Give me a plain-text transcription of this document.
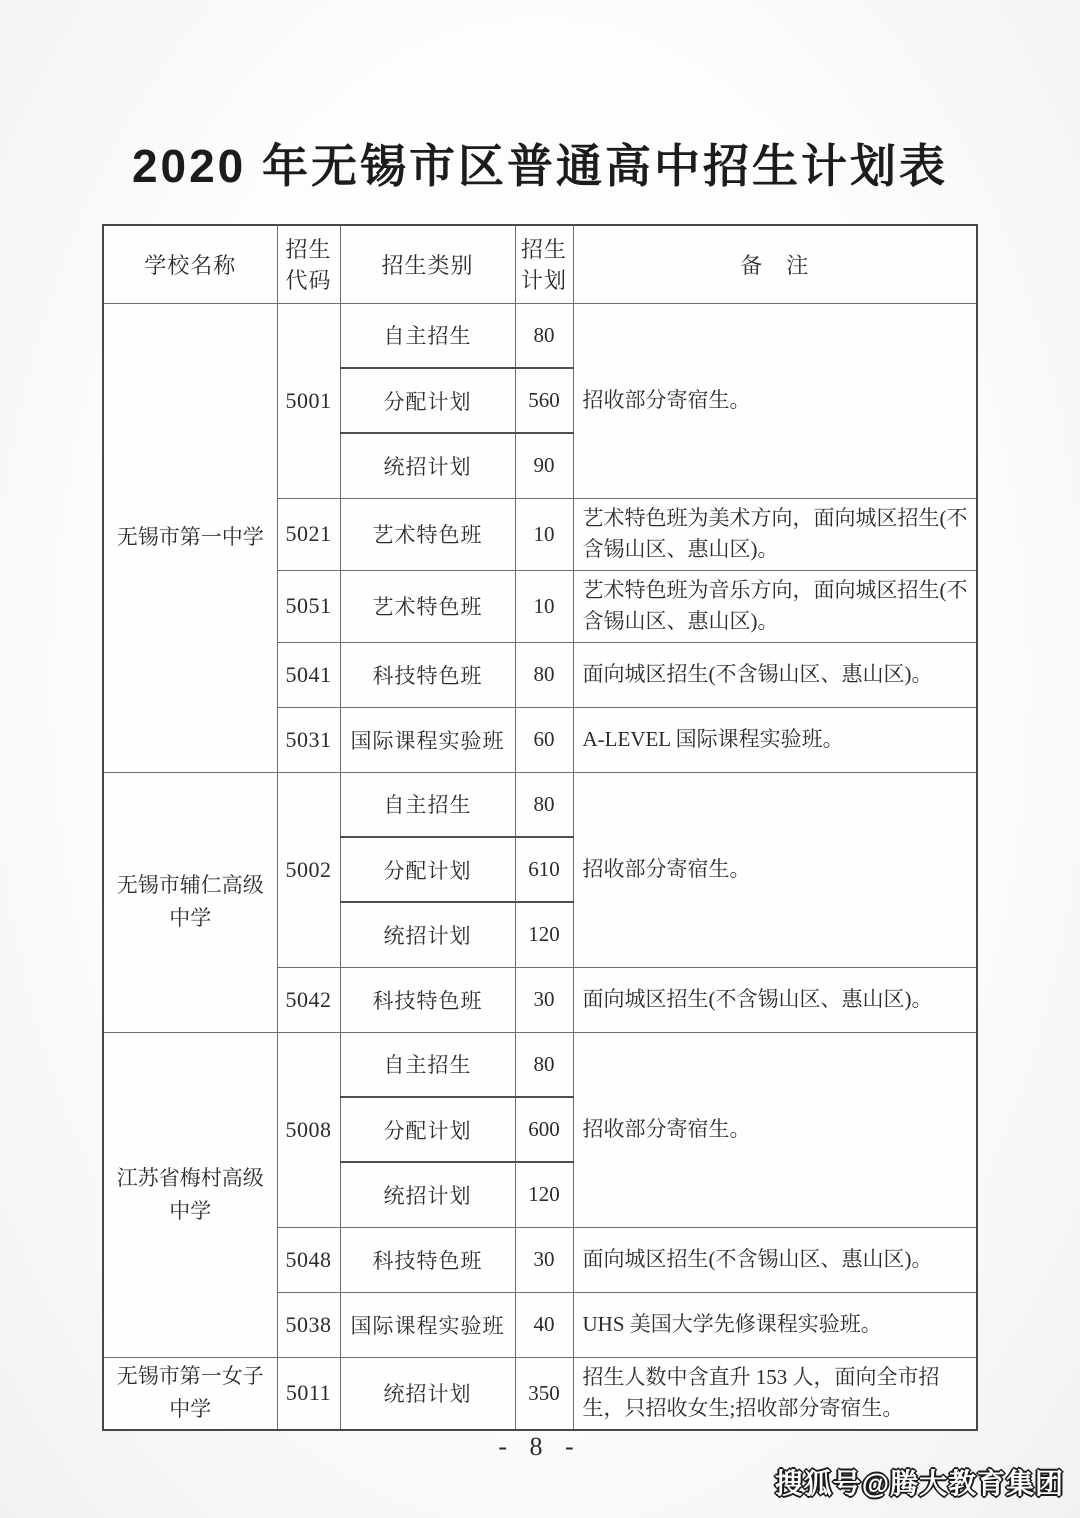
2020 年无锡市区普通高中招生计划表
学校名称	招生代码	招生类别	招生计划	备　注
无锡市第一中学	5001	自主招生	80	招收部分寄宿生。
		分配计划	560	
		统招计划	90	
	5021	艺术特色班	10	艺术特色班为美术方向，面向城区招生(不含锡山区、惠山区)。
	5051	艺术特色班	10	艺术特色班为音乐方向，面向城区招生(不含锡山区、惠山区)。
	5041	科技特色班	80	面向城区招生(不含锡山区、惠山区)。
	5031	国际课程实验班	60	A-LEVEL 国际课程实验班。
无锡市辅仁高级中学	5002	自主招生	80	招收部分寄宿生。
		分配计划	610	
		统招计划	120	
	5042	科技特色班	30	面向城区招生(不含锡山区、惠山区)。
江苏省梅村高级中学	5008	自主招生	80	招收部分寄宿生。
		分配计划	600	
		统招计划	120	
	5048	科技特色班	30	面向城区招生(不含锡山区、惠山区)。
	5038	国际课程实验班	40	UHS 美国大学先修课程实验班。
无锡市第一女子中学	5011	统招计划	350	招生人数中含直升 153 人，面向全市招生，只招收女生;招收部分寄宿生。
- 8 -
搜狐号@腾大教育集团
